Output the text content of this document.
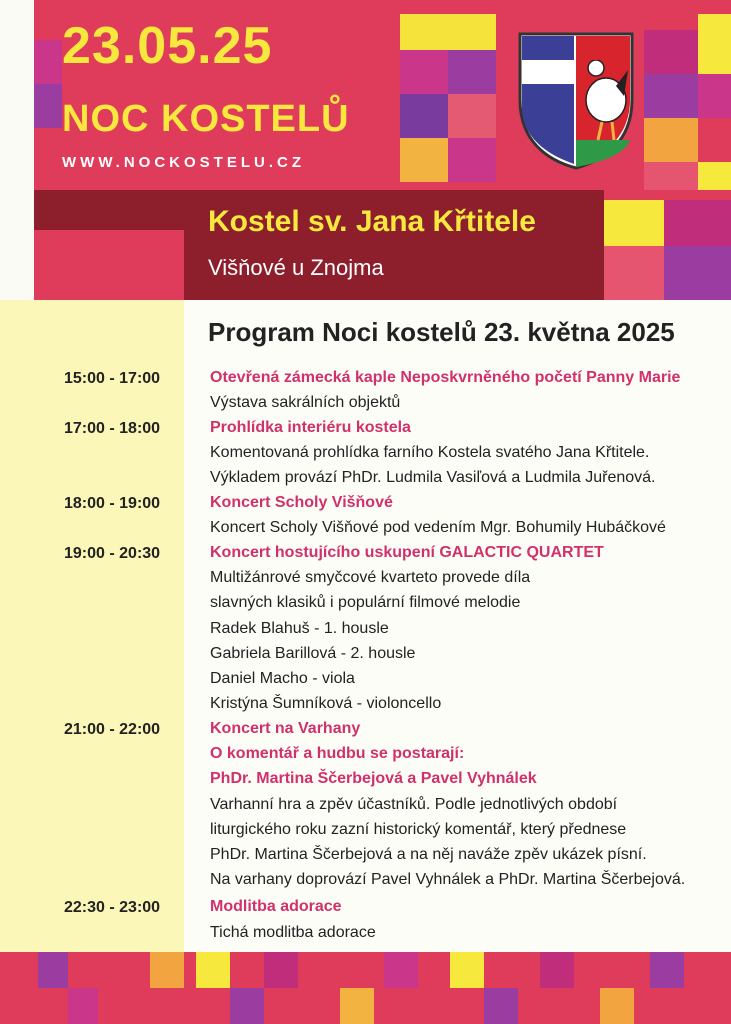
23.05.25
NOC KOSTELŮ
WWW.NOCKOSTELU.CZ
Kostel sv. Jana Křtitele
Višňové u Znojma
Program Noci kostelů 23. května 2025
15:00 - 17:00
17:00 - 18:00
18:00 - 19:00
19:00 - 20:30
21:00 - 22:00
22:30 - 23:00
Otevřená zámecká kaple Neposkvrněného početí Panny Marie
Výstava sakrálních objektů
Prohlídka interiéru kostela
Komentovaná prohlídka farního Kostela svatého Jana Křtitele.
Výkladem provází PhDr. Ludmila Vasiľová a Ludmila Juřenová.
Koncert Scholy Višňové
Koncert Scholy Višňové pod vedením Mgr. Bohumily Hubáčkové
Koncert hostujícího uskupení GALACTIC QUARTET
Multižánrové smyčcové kvarteto provede díla
slavných klasiků i populární filmové melodie
Radek Blahuš - 1. housle
Gabriela Barillová - 2. housle
Daniel Macho - viola
Kristýna Šumníková - violoncello
Koncert na Varhany
O komentář a hudbu se postarají:
PhDr. Martina Ščerbejová a Pavel Vyhnálek
Varhanní hra a zpěv účastníků. Podle jednotlivých období
liturgického roku zazní historický komentář, který přednese
PhDr. Martina Ščerbejová a na něj naváže zpěv ukázek písní.
Na varhany doprovází Pavel Vyhnálek a PhDr. Martina Ščerbejová.
Modlitba adorace
Tichá modlitba adorace
